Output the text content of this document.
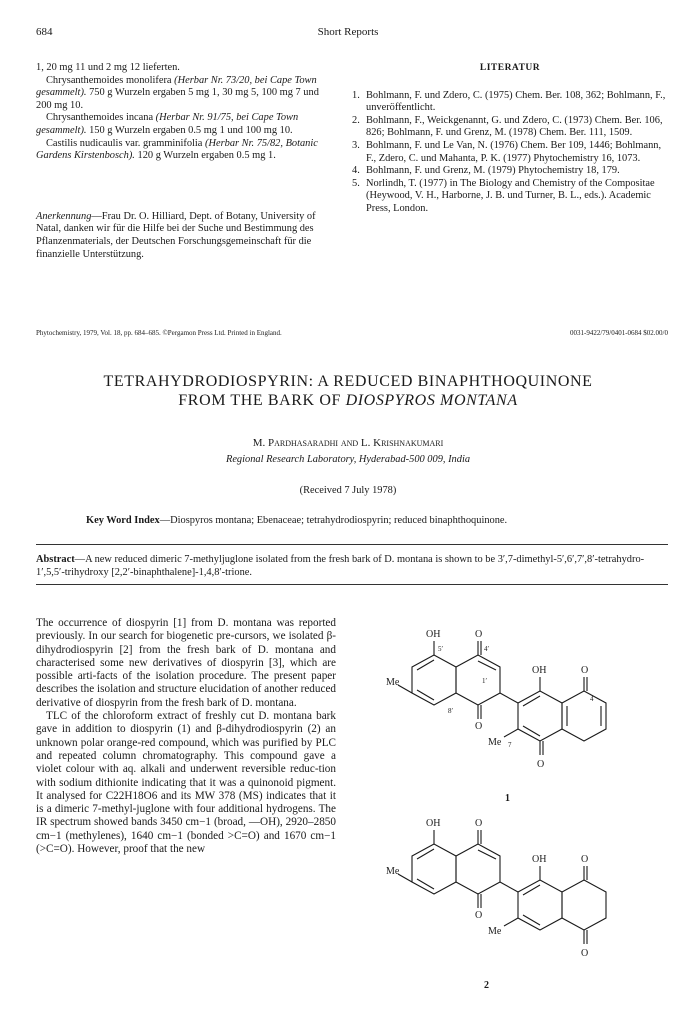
684	Short Reports

1, 20 mg 11 und 2 mg 12 lieferten.

Chrysanthemoides monolifera (Herbar Nr. 73/20, bei Cape Town gesammelt). 750 g Wurzeln ergaben 5 mg 1, 30 mg 5, 100 mg 7 und 200 mg 10.

Chrysanthemoides incana (Herbar Nr. 91/75, bei Cape Town gesammelt). 150 g Wurzeln ergaben 0.5 mg 1 und 100 mg 10.

Castilis nudicaulis var. gramminifolia (Herbar Nr. 75/82, Botanic Gardens Kirstenbosch). 120 g Wurzeln ergaben 0.5 mg 1.

Anerkennung—Frau Dr. O. Hilliard, Dept. of Botany, University of Natal, danken wir für die Hilfe bei der Suche und Bestimmung des Pflanzenmaterials, der Deutschen Forschungsgemeinschaft für die finanzielle Unterstützung.

LITERATUR

1. Bohlmann, F. und Zdero, C. (1975) Chem. Ber. 108, 362; Bohlmann, F., unveröffentlicht.
2. Bohlmann, F., Weickgenannt, G. und Zdero, C. (1973) Chem. Ber. 106, 826; Bohlmann, F. und Grenz, M. (1978) Chem. Ber. 111, 1509.
3. Bohlmann, F. und Le Van, N. (1976) Chem. Ber 109, 1446; Bohlmann, F., Zdero, C. und Mahanta, P. K. (1977) Phytochemistry 16, 1073.
4. Bohlmann, F. und Grenz, M. (1979) Phytochemistry 18, 179.
5. Norlindh, T. (1977) in The Biology and Chemistry of the Compositae (Heywood, V. H., Harborne, J. B. und Turner, B. L., eds.). Academic Press, London.
Phytochemistry, 1979, Vol. 18, pp. 684–685. ©Pergamon Press Ltd. Printed in England.	0031-9422/79/0401-0684 $02.00/0
TETRAHYDRODIOSPYRIN: A REDUCED BINAPHTHOQUINONE
FROM THE BARK OF DIOSPYROS MONTANA
M. Pardhasaradhi and L. Krishnakumari
Regional Research Laboratory, Hyderabad-500 009, India
(Received 7 July 1978)
Key Word Index—Diospyros montana; Ebenaceae; tetrahydrodiospyrin; reduced binaphthoquinone.
Abstract—A new reduced dimeric 7-methyljuglone isolated from the fresh bark of D. montana is shown to be 3′,7-dimethyl-5′,6′,7′,8′-tetrahydro-1′,5,5′-trihydroxy [2,2′-binaphthalene]-1,4,8′-trione.

The occurrence of diospyrin [1] from D. montana was reported previously. In our search for biogenetic pre-cursors, we isolated β-dihydrodiospyrin [2] from the fresh bark of D. montana and characterised some new derivatives of diospyrin [3], which are possible arti-facts of the isolation procedure. The present paper describes the isolation and structure elucidation of another reduced derivative of diospyrin from the fresh bark of D. montana.

TLC of the chloroform extract of freshly cut D. montana bark gave in addition to diospyrin (1) and β-dihydrodiospyrin (2) an unknown polar orange-red compound, which was purified by PLC and repeated column chromatography. This compound gave a violet colour with aq. alkali and underwent reversible reduc-tion with sodium dithionite indicating that it was a quinonoid pigment. It analysed for C22H18O6 and its MW 378 (MS) indicates that it is a dimeric 7-methyl-juglone with four additional hydrogens. The IR spectrum showed bands 3450 cm−1 (broad, —OH), 2920–2850 cm−1 (methylenes), 1640 cm−1 (bonded >C=O) and 1670 cm−1 (>C=O). However, proof that the new

OH	O
5′	4′
1′
8′
Me
O
OH	O
4
Me 7
O
1
OH	O
Me
O
OH	O
Me
O
2
